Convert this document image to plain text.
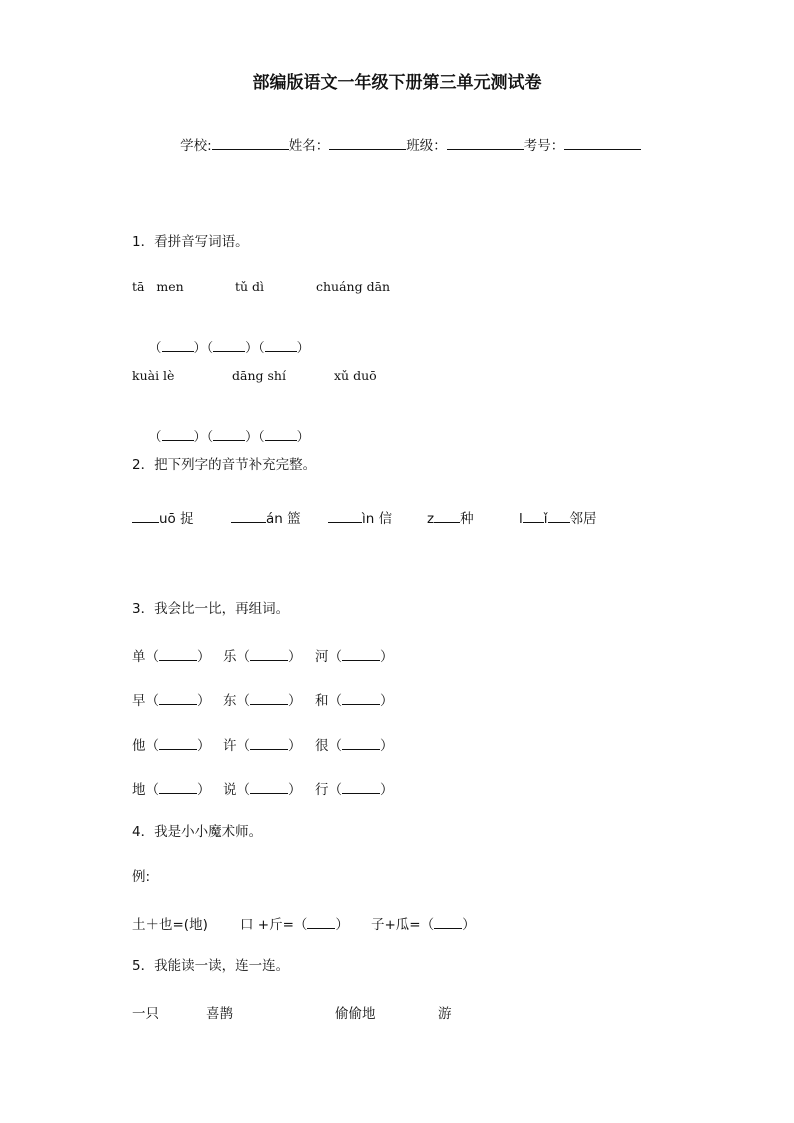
部编版语文一年级下册第三单元测试卷

学校:	姓名：	班级：	考号：

1．看拼音写词语。
tā   men	tǔ dì	chuáng dān

（ ）（ ）（ ）

kuài lè	dāng shí	xǔ duō

（ ）（ ）（ ）

2．把下列字的音节补充完整。
uō 捉	án 篮	ìn 信	z 种	l ǐ 邻居
3．我会比一比，再组词。
单（	） 乐（	） 河（	）
早（	） 东（	） 和（	）
他（	） 许（	） 很（	）
地（	） 说（	） 行（	）
4．我是小小魔术师。
例:
土＋也=(地) 口 +斤=（ ） 子+瓜=（ ）
5．我能读一读，连一连。
一只	喜鹊	偷偷地	游
